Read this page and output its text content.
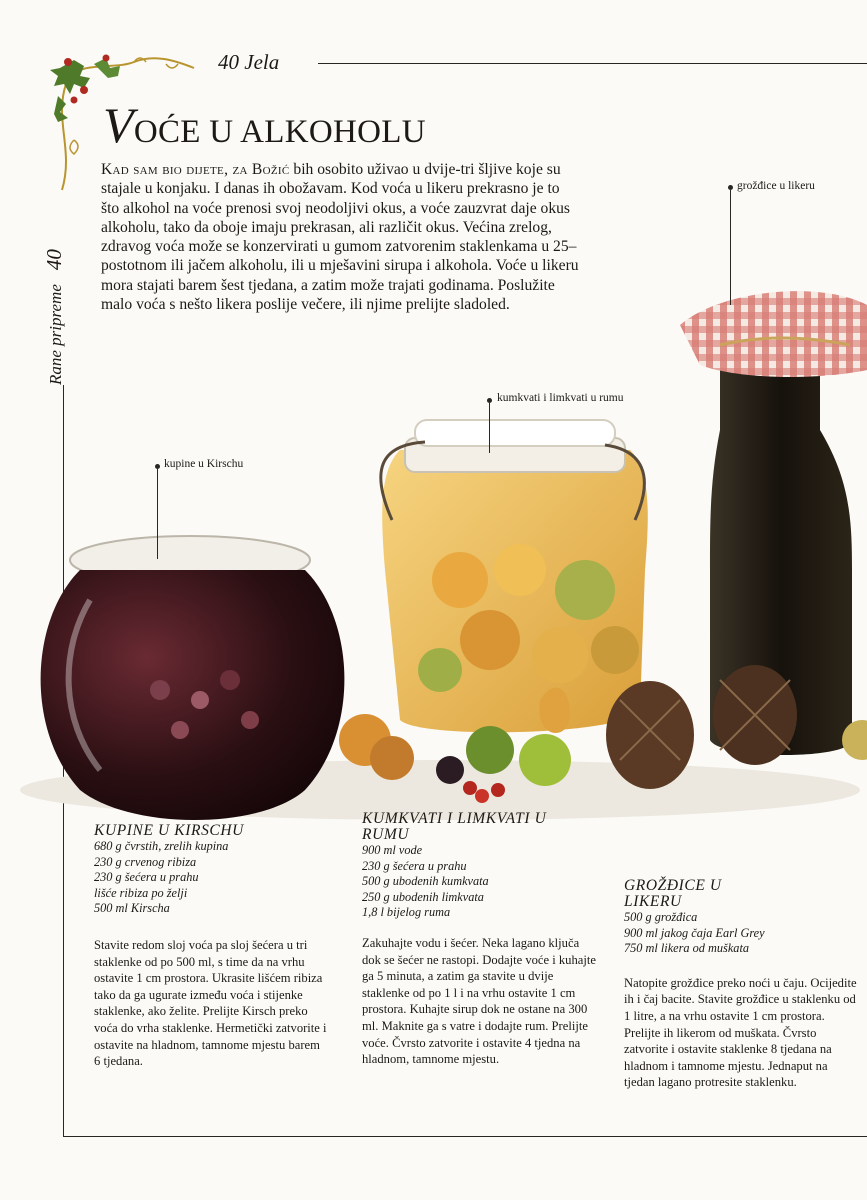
40 Jela
Rane pripreme40
VOĆE U ALKOHOLU

Kad sam bio dijete, za Božić bih osobito uživao u dvije-tri šljive koje su stajale u konjaku. I danas ih obožavam. Kod voća u likeru prekrasno je to što alkohol na voće prenosi svoj neodoljivi okus, a voće zauzvrat daje okus alkoholu, tako da oboje imaju prekrasan, ali različit okus. Većina zrelog, zdravog voća može se konzervirati u gumom zatvorenim staklenkama u 25–postotnom ili jačem alkoholu, ili u mješavini sirupa i alkohola. Voće u likeru mora stajati barem šest tjedana, a zatim može trajati godinama. Poslužite malo voća s nešto likera poslije večere, ili njime prelijte sladoled.

grožđice u likeru
kumkvati i limkvati u rumu
kupine u Kirschu
KUPINE U KIRSCHU
680 g čvrstih, zrelih kupina
230 g crvenog ribiza
230 g šećera u prahu
lišće ribiza po želji
500 ml Kirscha

Stavite redom sloj voća pa sloj šećera u tri staklenke od po 500 ml, s time da na vrhu ostavite 1 cm prostora. Ukrasite lišćem ribiza tako da ga ugurate između voća i stijenke staklenke, ako želite. Prelijte Kirsch preko voća do vrha staklenke. Hermetički zatvorite i ostavite na hladnom, tamnome mjestu barem 6 tjedana.

KUMKVATI I LIMKVATI U RUMU
900 ml vode
230 g šećera u prahu
500 g ubodenih kumkvata
250 g ubodenih limkvata
1,8 l bijelog ruma

Zakuhajte vodu i šećer. Neka lagano ključa dok se šećer ne rastopi. Dodajte voće i kuhajte ga 5 minuta, a zatim ga stavite u dvije staklenke od po 1 l i na vrhu ostavite 1 cm prostora. Kuhajte sirup dok ne ostane na 300 ml. Maknite ga s vatre i dodajte rum. Prelijte voće. Čvrsto zatvorite i ostavite 4 tjedna na hladnom, tamnome mjestu.

GROŽĐICE U LIKERU
500 g grožđica
900 ml jakog čaja Earl Grey
750 ml likera od muškata

Natopite grožđice preko noći u čaju. Ocijedite ih i čaj bacite. Stavite grožđice u staklenku od 1 litre, a na vrhu ostavite 1 cm prostora. Prelijte ih likerom od muškata. Čvrsto zatvorite i ostavite staklenke 8 tjedana na hladnom i tamnome mjestu. Jednaput na tjedan lagano protresite staklenku.
